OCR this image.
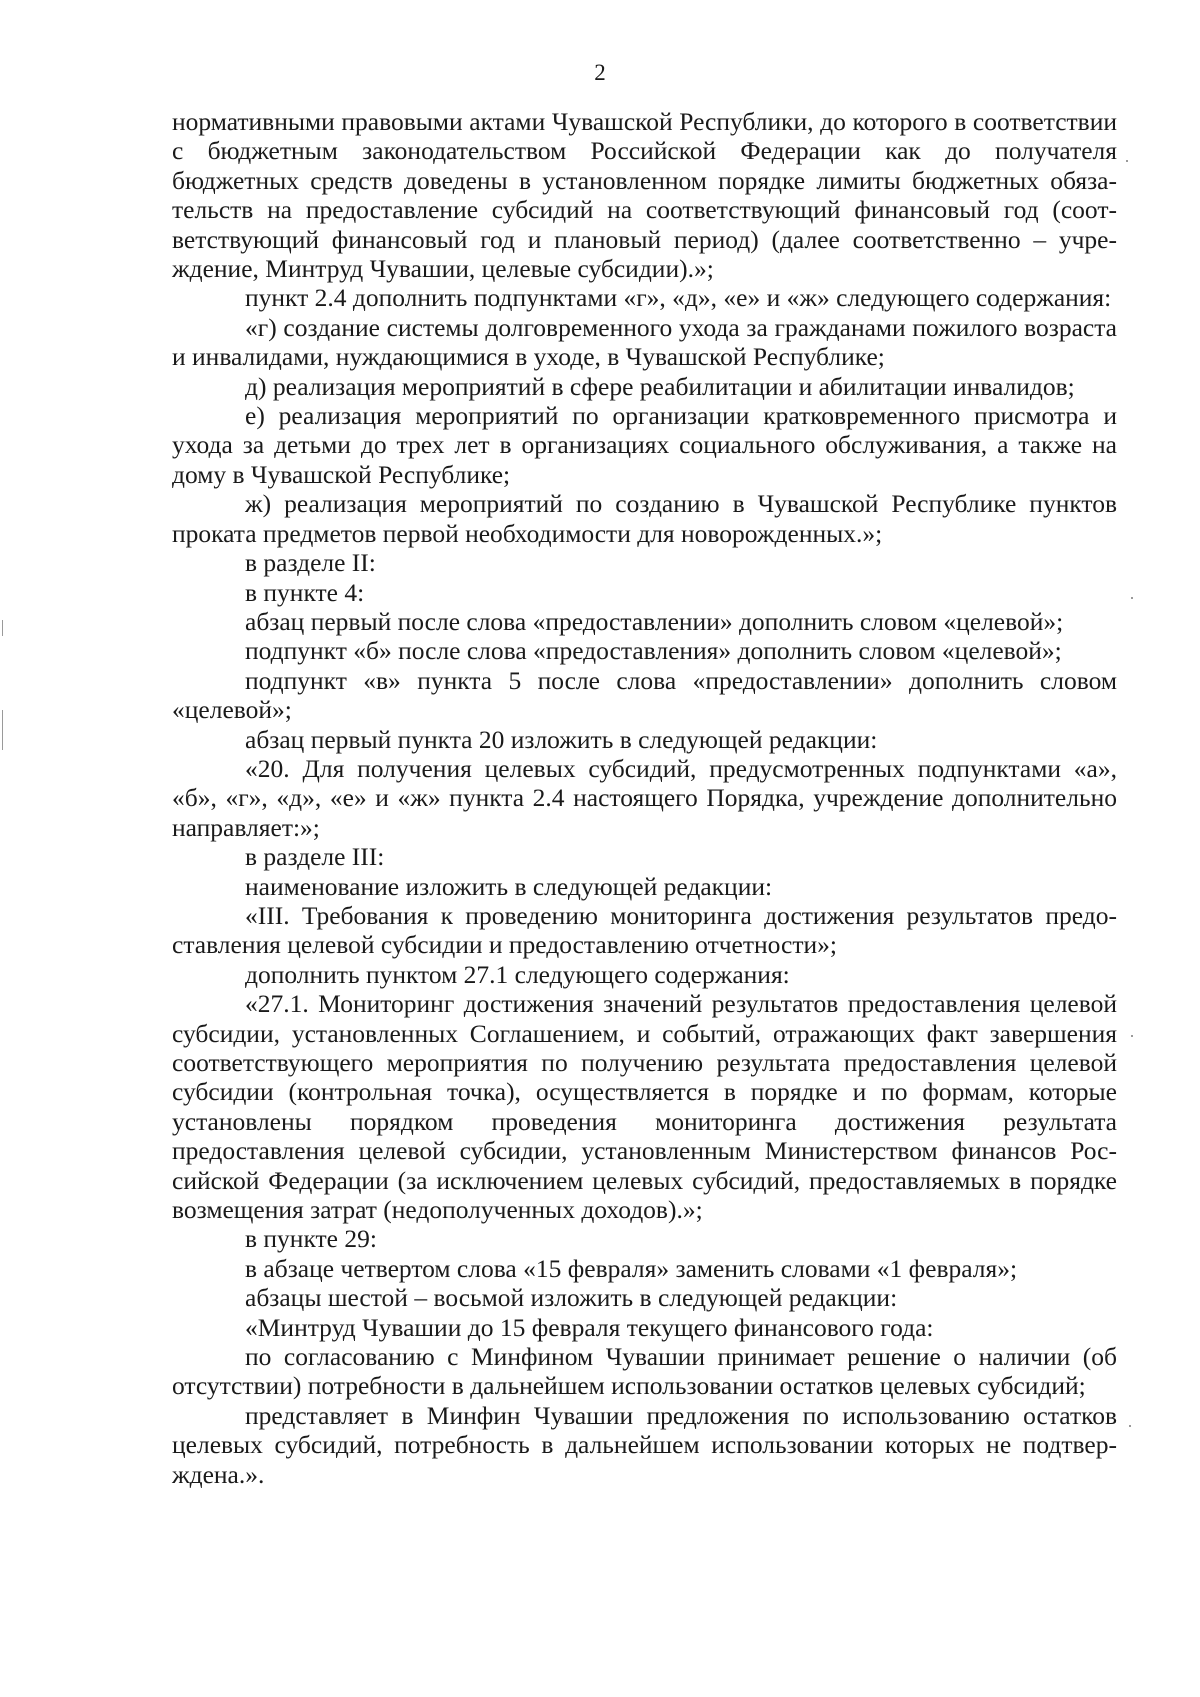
2

нормативными правовыми актами Чувашской Республики, до которого в соответствии с бюджетным законодательством Российской Федерации как до получателя бюджетных средств доведены в установленном порядке лимиты бюджетных обязательств на предоставление субсидий на соответствующий финансовый год (соответствующий финансовый год и плановый период) (далее соответственно – учреждение, Минтруд Чувашии, целевые субсидии).»;

пункт 2.4 дополнить подпунктами «г», «д», «е» и «ж» следующего содержания:

«г) создание системы долговременного ухода за гражданами пожилого возраста и инвалидами, нуждающимися в уходе, в Чувашской Республике;

д) реализация мероприятий в сфере реабилитации и абилитации инвалидов;

е) реализация мероприятий по организации кратковременного присмотра и ухода за детьми до трех лет в организациях социального обслуживания, а также на дому в Чувашской Республике;

ж) реализация мероприятий по созданию в Чувашской Республике пунктов проката предметов первой необходимости для новорожденных.»;

в разделе II:

в пункте 4:

абзац первый после слова «предоставлении» дополнить словом «целевой»;

подпункт «б» после слова «предоставления» дополнить словом «целевой»;

подпункт «в» пункта 5 после слова «предоставлении» дополнить словом «целевой»;

абзац первый пункта 20 изложить в следующей редакции:

«20. Для получения целевых субсидий, предусмотренных подпунктами «а», «б», «г», «д», «е» и «ж» пункта 2.4 настоящего Порядка, учреждение дополнительно направляет:»;

в разделе III:

наименование изложить в следующей редакции:

«III. Требования к проведению мониторинга достижения результатов предоставления целевой субсидии и предоставлению отчетности»;

дополнить пунктом 27.1 следующего содержания:

«27.1. Мониторинг достижения значений результатов предоставления целевой субсидии, установленных Соглашением, и событий, отражающих факт завершения соответствующего мероприятия по получению результата предоставления целевой субсидии (контрольная точка), осуществляется в порядке и по формам, которые установлены порядком проведения мониторинга достижения результата предоставления целевой субсидии, установленным Министерством финансов Российской Федерации (за исключением целевых субсидий, предоставляемых в порядке возмещения затрат (недополученных доходов).»;

в пункте 29:

в абзаце четвертом слова «15 февраля» заменить словами «1 февраля»;

абзацы шестой – восьмой изложить в следующей редакции:

«Минтруд Чувашии до 15 февраля текущего финансового года:

по согласованию с Минфином Чувашии принимает решение о наличии (об отсутствии) потребности в дальнейшем использовании остатков целевых субсидий;

представляет в Минфин Чувашии предложения по использованию остатков целевых субсидий, потребность в дальнейшем использовании которых не подтверждена.».
